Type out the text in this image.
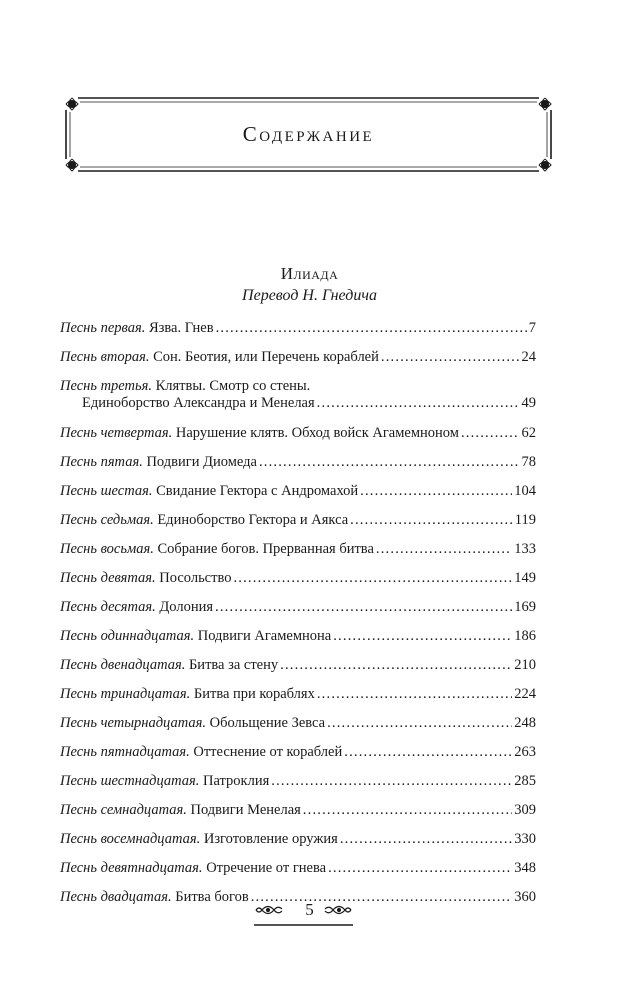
Содержание
Илиада
Перевод Н. Гнедича
Песнь первая. Язва. Гнев .....	7
Песнь вторая. Сон. Беотия, или Перечень кораблей .....	24
Песнь третья. Клятвы. Смотр со стены.
Единоборство Александра и Менелая .....	49
Песнь четвертая. Нарушение клятв. Обход войск Агамемноном .....	62
Песнь пятая. Подвиги Диомеда .....	78
Песнь шестая. Свидание Гектора с Андромахой .....	104
Песнь седьмая. Единоборство Гектора и Аякса .....	119
Песнь восьмая. Собрание богов. Прерванная битва .....	133
Песнь девятая. Посольство .....	149
Песнь десятая. Долония .....	169
Песнь одиннадцатая. Подвиги Агамемнона .....	186
Песнь двенадцатая. Битва за стену .....	210
Песнь тринадцатая. Битва при кораблях .....	224
Песнь четырнадцатая. Обольщение Зевса .....	248
Песнь пятнадцатая. Оттеснение от кораблей .....	263
Песнь шестнадцатая. Патроклия .....	285
Песнь семнадцатая. Подвиги Менелая .....	309
Песнь восемнадцатая. Изготовление оружия .....	330
Песнь девятнадцатая. Отречение от гнева .....	348
Песнь двадцатая. Битва богов .....	360
5
